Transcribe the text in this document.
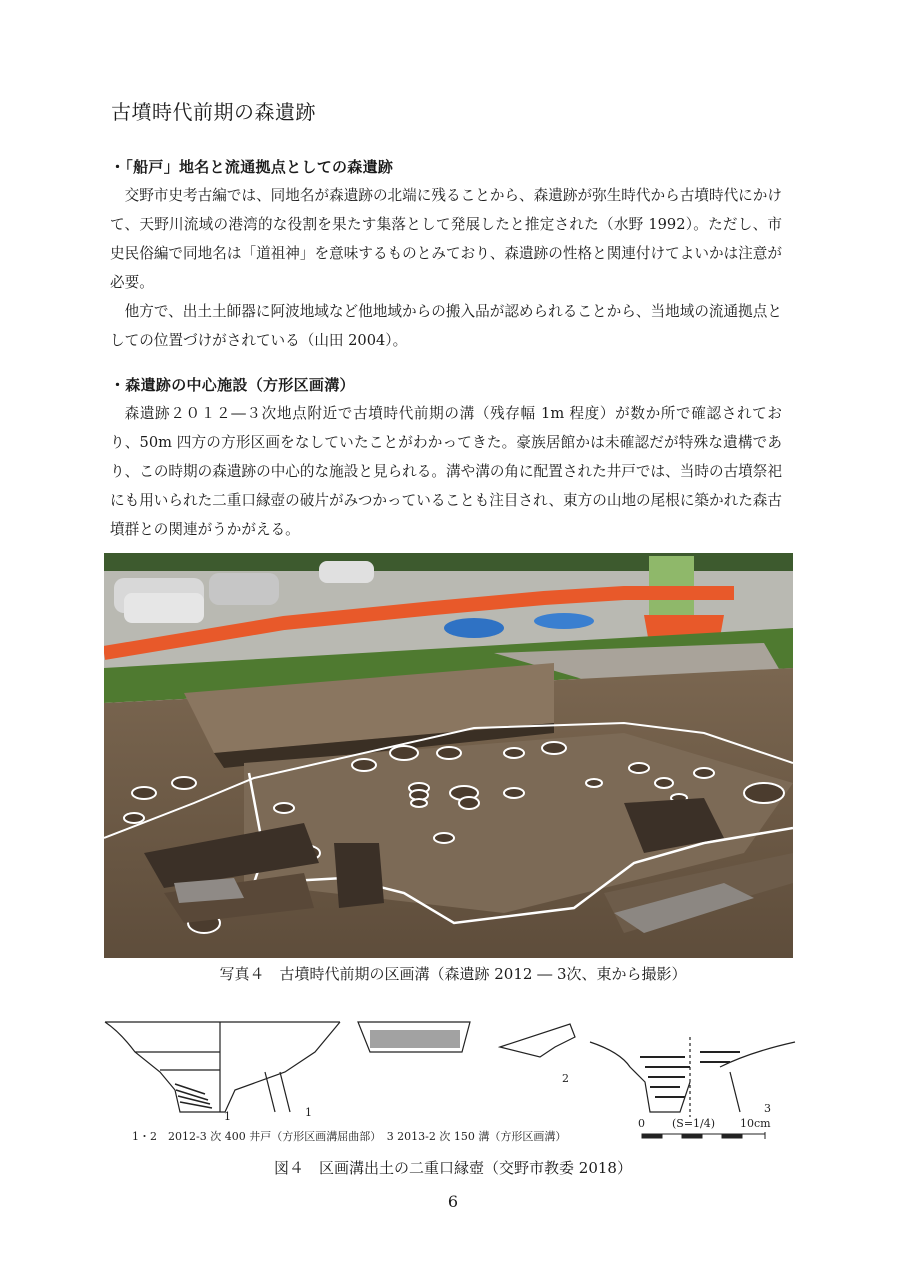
古墳時代前期の森遺跡
・「船戸」地名と流通拠点としての森遺跡

交野市史考古編では、同地名が森遺跡の北端に残ることから、森遺跡が弥生時代から古墳時代にかけて、天野川流域の港湾的な役割を果たす集落として発展したと推定された（水野 1992）。ただし、市史民俗編で同地名は「道祖神」を意味するものとみており、森遺跡の性格と関連付けてよいかは注意が必要。

他方で、出土土師器に阿波地域など他地域からの搬入品が認められることから、当地域の流通拠点としての位置づけがされている（山田 2004）。

・森遺跡の中心施設（方形区画溝）

森遺跡２０１２―３次地点附近で古墳時代前期の溝（残存幅 1m 程度）が数か所で確認されており、50m 四方の方形区画をなしていたことがわかってきた。豪族居館かは未確認だが特殊な遺構であり、この時期の森遺跡の中心的な施設と見られる。溝や溝の角に配置された井戸では、当時の古墳祭祀にも用いられた二重口縁壺の破片がみつかっていることも注目され、東方の山地の尾根に築かれた森古墳群との関連がうかがえる。

写真４　古墳時代前期の区画溝（森遺跡 2012 ― 3次、東から撮影）
1	1
2
3
0 (S=1/4) 10cm
1・2　2012-3 次 400 井戸（方形区画溝屈曲部）　3 2013-2 次 150 溝（方形区画溝）
図４　区画溝出土の二重口縁壺（交野市教委 2018）
6
